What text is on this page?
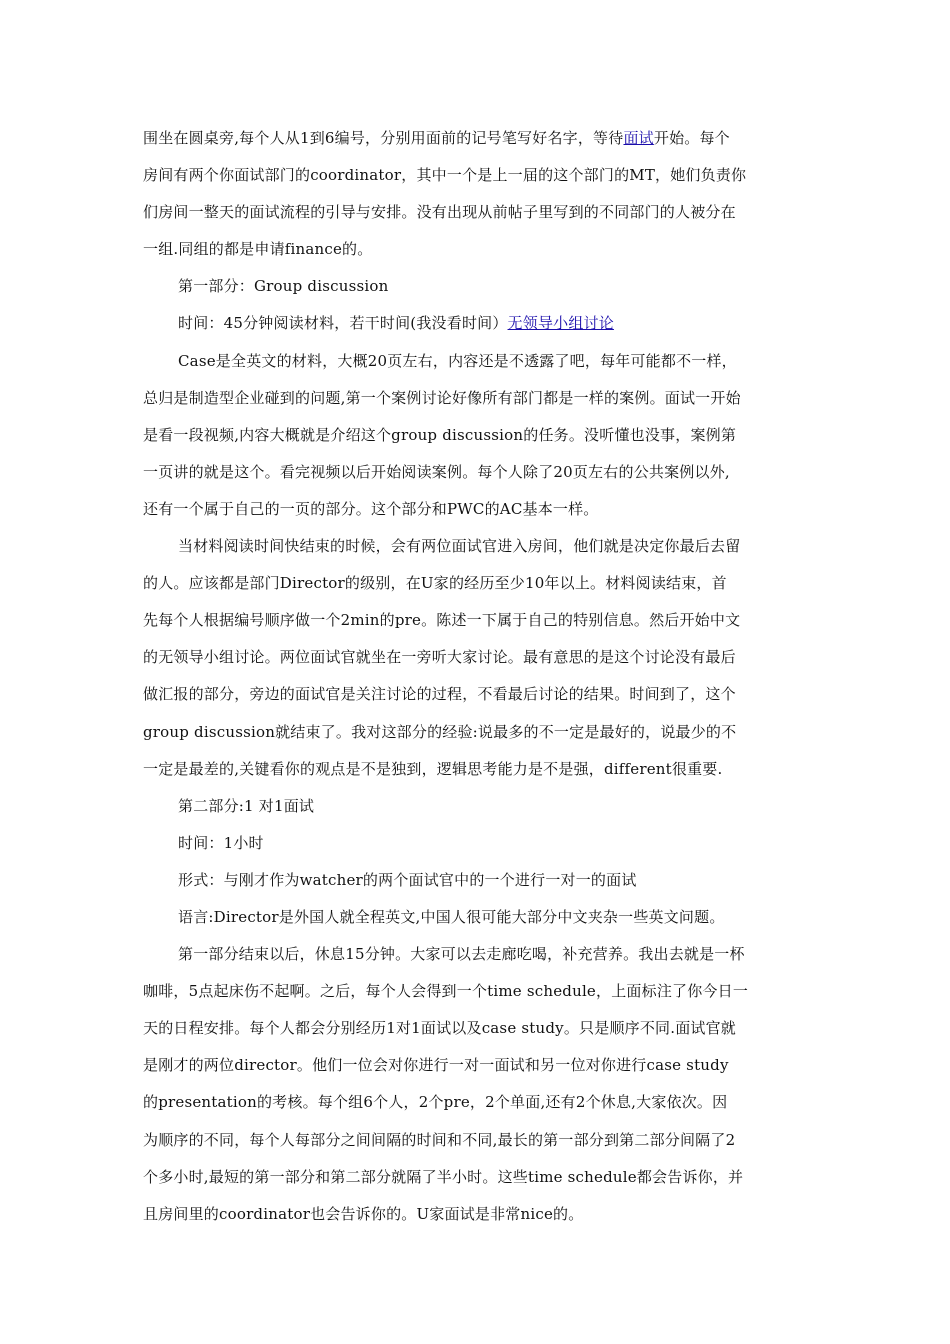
围坐在圆桌旁,每个人从1到6编号，分别用面前的记号笔写好名字，等待面试开始。每个
房间有两个你面试部门的coordinator，其中一个是上一届的这个部门的MT，她们负责你
们房间一整天的面试流程的引导与安排。没有出现从前帖子里写到的不同部门的人被分在
一组.同组的都是申请finance的。
第一部分：Group discussion
时间：45分钟阅读材料，若干时间(我没看时间）无领导小组讨论
Case是全英文的材料，大概20页左右，内容还是不透露了吧，每年可能都不一样，
总归是制造型企业碰到的问题,第一个案例讨论好像所有部门都是一样的案例。面试一开始
是看一段视频,内容大概就是介绍这个group discussion的任务。没听懂也没事，案例第
一页讲的就是这个。看完视频以后开始阅读案例。每个人除了20页左右的公共案例以外,
还有一个属于自己的一页的部分。这个部分和PWC的AC基本一样。
当材料阅读时间快结束的时候，会有两位面试官进入房间，他们就是决定你最后去留
的人。应该都是部门Director的级别，在U家的经历至少10年以上。材料阅读结束，首
先每个人根据编号顺序做一个2min的pre。陈述一下属于自己的特别信息。然后开始中文
的无领导小组讨论。两位面试官就坐在一旁听大家讨论。最有意思的是这个讨论没有最后
做汇报的部分，旁边的面试官是关注讨论的过程，不看最后讨论的结果。时间到了，这个
group discussion就结束了。我对这部分的经验:说最多的不一定是最好的，说最少的不
一定是最差的,关键看你的观点是不是独到，逻辑思考能力是不是强，different很重要.
第二部分:1 对1面试
时间：1小时
形式：与刚才作为watcher的两个面试官中的一个进行一对一的面试
语言:Director是外国人就全程英文,中国人很可能大部分中文夹杂一些英文问题。
第一部分结束以后，休息15分钟。大家可以去走廊吃喝，补充营养。我出去就是一杯
咖啡，5点起床伤不起啊。之后，每个人会得到一个time schedule，上面标注了你今日一
天的日程安排。每个人都会分别经历1对1面试以及case study。只是顺序不同.面试官就
是刚才的两位director。他们一位会对你进行一对一面试和另一位对你进行case study
的presentation的考核。每个组6个人，2个pre，2个单面,还有2个休息,大家依次。因
为顺序的不同，每个人每部分之间间隔的时间和不同,最长的第一部分到第二部分间隔了2
个多小时,最短的第一部分和第二部分就隔了半小时。这些time schedule都会告诉你，并
且房间里的coordinator也会告诉你的。U家面试是非常nice的。
